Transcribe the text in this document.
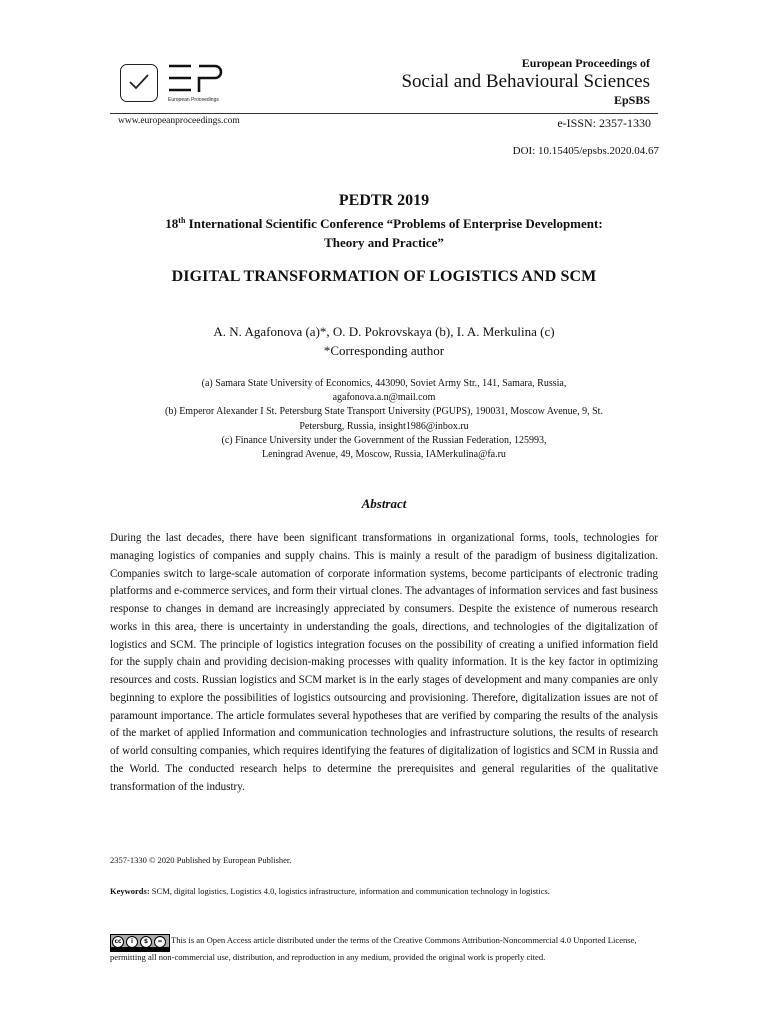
European Proceedings
European Proceedings of
Social and Behavioural Sciences
EpSBS
www.europeanproceedings.com	e-ISSN: 2357-1330
DOI: 10.15405/epsbs.2020.04.67
PEDTR 2019
18th International Scientific Conference “Problems of Enterprise Development:
Theory and Practice”
DIGITAL TRANSFORMATION OF LOGISTICS AND SCM
A. N. Agafonova (a)*, O. D. Pokrovskaya (b), I. A. Merkulina (c)
*Corresponding author
(a) Samara State University of Economics, 443090, Soviet Army Str., 141, Samara, Russia,
agafonova.a.n@mail.com
(b) Emperor Alexander I St. Petersburg State Transport University (PGUPS), 190031, Moscow Avenue, 9, St.
Petersburg, Russia, insight1986@inbox.ru
(c) Finance University under the Government of the Russian Federation, 125993,
Leningrad Avenue, 49, Moscow, Russia, IAMerkulina@fa.ru
Abstract

During the last decades, there have been significant transformations in organizational forms, tools, technologies for managing logistics of companies and supply chains. This is mainly a result of the paradigm of business digitalization. Companies switch to large-scale automation of corporate information systems, become participants of electronic trading platforms and e-commerce services, and form their virtual clones. The advantages of information services and fast business response to changes in demand are increasingly appreciated by consumers. Despite the existence of numerous research works in this area, there is uncertainty in understanding the goals, directions, and technologies of the digitalization of logistics and SCM. The principle of logistics integration focuses on the possibility of creating a unified information field for the supply chain and providing decision-making processes with quality information. It is the key factor in optimizing resources and costs. Russian logistics and SCM market is in the early stages of development and many companies are only beginning to explore the possibilities of logistics outsourcing and provisioning. Therefore, digitalization issues are not of paramount importance. The article formulates several hypotheses that are verified by comparing the results of the analysis of the market of applied Information and communication technologies and infrastructure solutions, the results of research of world consulting companies, which requires identifying the features of digitalization of logistics and SCM in Russia and the World. The conducted research helps to determine the prerequisites and general regularities of the qualitative transformation of the industry.

2357-1330 © 2020 Published by European Publisher.
Keywords: SCM, digital logistics, Logistics 4.0, logistics infrastructure, information and communication technology in logistics.
cc	i	$	= This is an Open Access article distributed under the terms of the Creative Commons Attribution-Noncommercial 4.0 Unported License, permitting all non-commercial use, distribution, and reproduction in any medium, provided the original work is properly cited.
